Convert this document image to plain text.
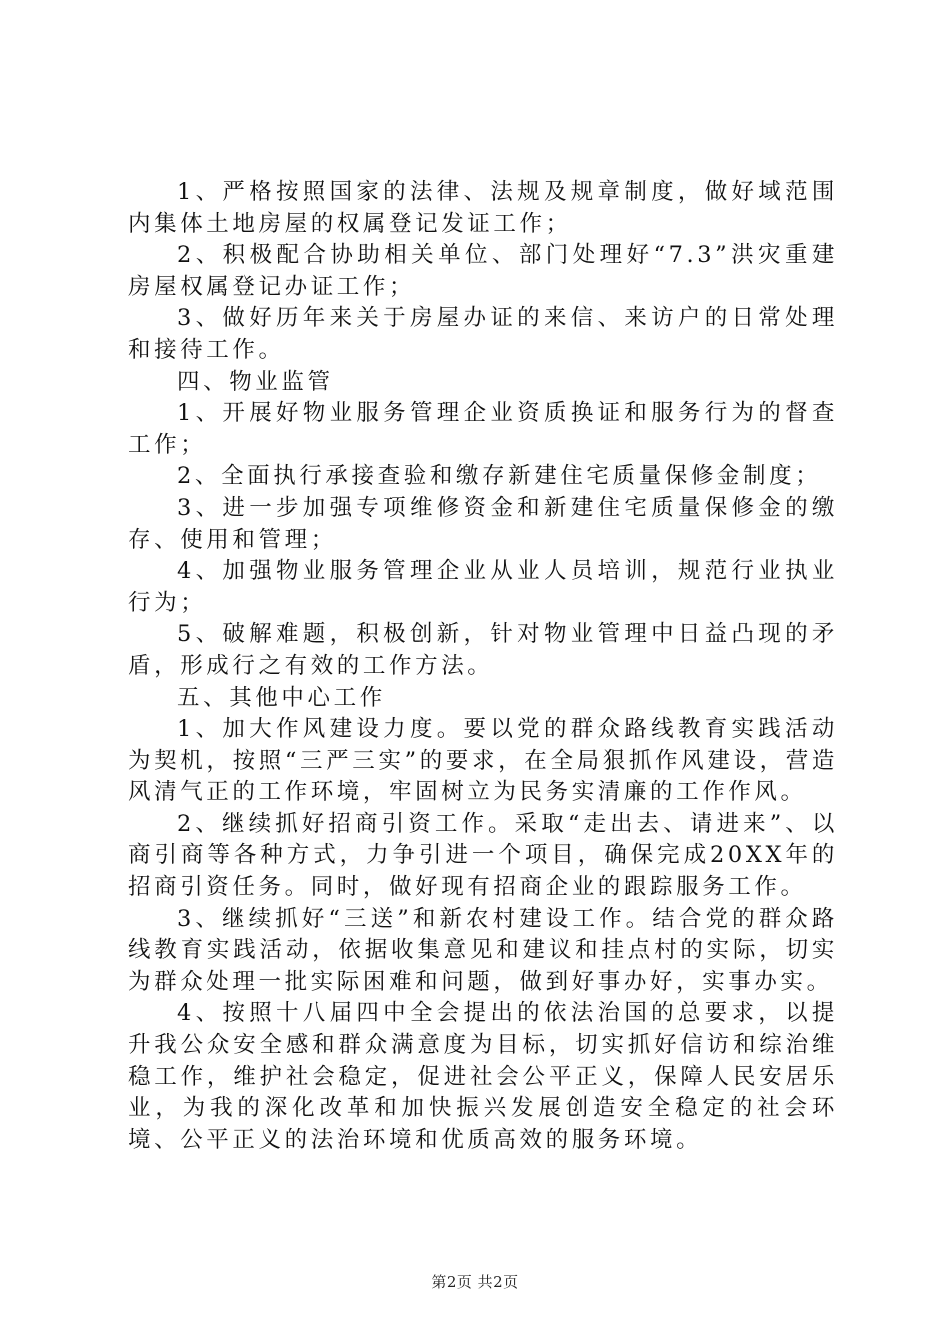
1、严格按照国家的法律、法规及规章制度，做好域范围内集体土地房屋的权属登记发证工作；

2、积极配合协助相关单位、部门处理好“7.3”洪灾重建房屋权属登记办证工作；

3、做好历年来关于房屋办证的来信、来访户的日常处理和接待工作。

四、物业监管

1、开展好物业服务管理企业资质换证和服务行为的督查工作；

2、全面执行承接查验和缴存新建住宅质量保修金制度；

3、进一步加强专项维修资金和新建住宅质量保修金的缴存、使用和管理；

4、加强物业服务管理企业从业人员培训，规范行业执业行为；

5、破解难题，积极创新，针对物业管理中日益凸现的矛盾，形成行之有效的工作方法。

五、其他中心工作

1、加大作风建设力度。要以党的群众路线教育实践活动为契机，按照“三严三实”的要求，在全局狠抓作风建设，营造风清气正的工作环境，牢固树立为民务实清廉的工作作风。

2、继续抓好招商引资工作。采取“走出去、请进来”、以商引商等各种方式，力争引进一个项目，确保完成20XX年的招商引资任务。同时，做好现有招商企业的跟踪服务工作。

3、继续抓好“三送”和新农村建设工作。结合党的群众路线教育实践活动，依据收集意见和建议和挂点村的实际，切实为群众处理一批实际困难和问题，做到好事办好，实事办实。

4、按照十八届四中全会提出的依法治国的总要求，以提升我公众安全感和群众满意度为目标，切实抓好信访和综治维稳工作，维护社会稳定，促进社会公平正义，保障人民安居乐业，为我的深化改革和加快振兴发展创造安全稳定的社会环境、公平正义的法治环境和优质高效的服务环境。

第2页 共2页
